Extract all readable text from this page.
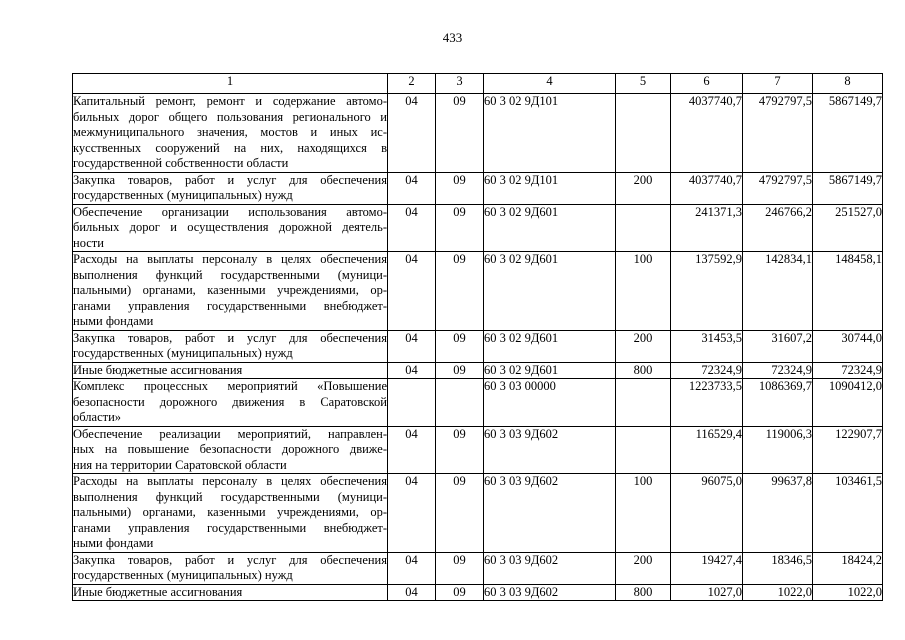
433
1	2	3	4	5	6	7	8

Капитальный ремонт, ремонт и содержание автомо-
бильных дорог общего пользования регионального и
межмуниципального значения, мостов и иных ис-
кусственных сооружений на них, находящихся в
государственной собственности области	04	09	60 3 02 9Д101		4037740,7	4792797,5	5867149,7

Закупка товаров, работ и услуг для обеспечения
государственных (муниципальных) нужд	04	09	60 3 02 9Д101	200	4037740,7	4792797,5	5867149,7

Обеспечение организации использования автомо-
бильных дорог и осуществления дорожной деятель-
ности	04	09	60 3 02 9Д601		241371,3	246766,2	251527,0

Расходы на выплаты персоналу в целях обеспечения
выполнения функций государственными (муници-
пальными) органами, казенными учреждениями, ор-
ганами управления государственными внебюджет-
ными фондами	04	09	60 3 02 9Д601	100	137592,9	142834,1	148458,1

Закупка товаров, работ и услуг для обеспечения
государственных (муниципальных) нужд	04	09	60 3 02 9Д601	200	31453,5	31607,2	30744,0

Иные бюджетные ассигнования	04	09	60 3 02 9Д601	800	72324,9	72324,9	72324,9

Комплекс процессных мероприятий «Повышение
безопасности дорожного движения в Саратовской
области»			60 3 03 00000		1223733,5	1086369,7	1090412,0

Обеспечение реализации мероприятий, направлен-
ных на повышение безопасности дорожного движе-
ния на территории Саратовской области	04	09	60 3 03 9Д602		116529,4	119006,3	122907,7

Расходы на выплаты персоналу в целях обеспечения
выполнения функций государственными (муници-
пальными) органами, казенными учреждениями, ор-
ганами управления государственными внебюджет-
ными фондами	04	09	60 3 03 9Д602	100	96075,0	99637,8	103461,5

Закупка товаров, работ и услуг для обеспечения
государственных (муниципальных) нужд	04	09	60 3 03 9Д602	200	19427,4	18346,5	18424,2

Иные бюджетные ассигнования	04	09	60 3 03 9Д602	800	1027,0	1022,0	1022,0
